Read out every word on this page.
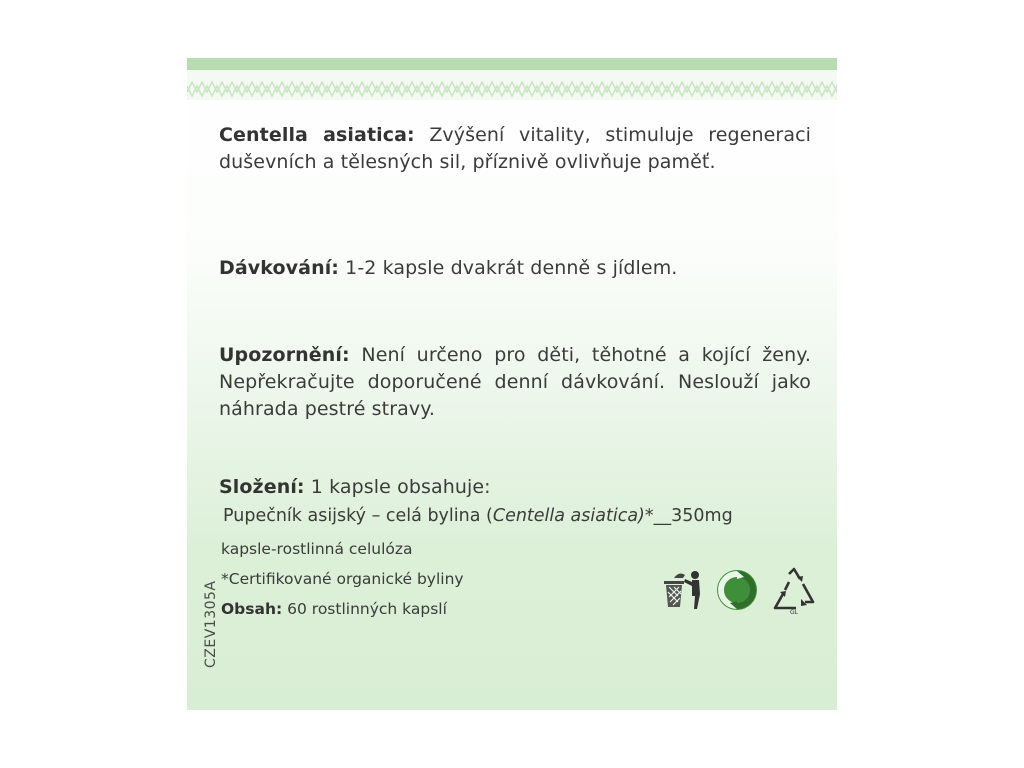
Centella asiatica: Zvýšení vitality, stimuluje regeneraci duševních a tělesných sil, příznivě ovlivňuje paměť.

Dávkování: 1-2 kapsle dvakrát denně s jídlem.

Upozornění: Není určeno pro děti, těhotné a kojící ženy. Nepřekračujte doporučené denní dávkování. Neslouží jako náhrada pestré stravy.

Složení: 1 kapsle obsahuje:

Pupečník asijský – celá bylina (Centella asiatica)*__350mg

kapsle-rostlinná celulóza

*Certifikované organické byliny

Obsah: 60 rostlinných kapslí

CZEV1305A	GL
